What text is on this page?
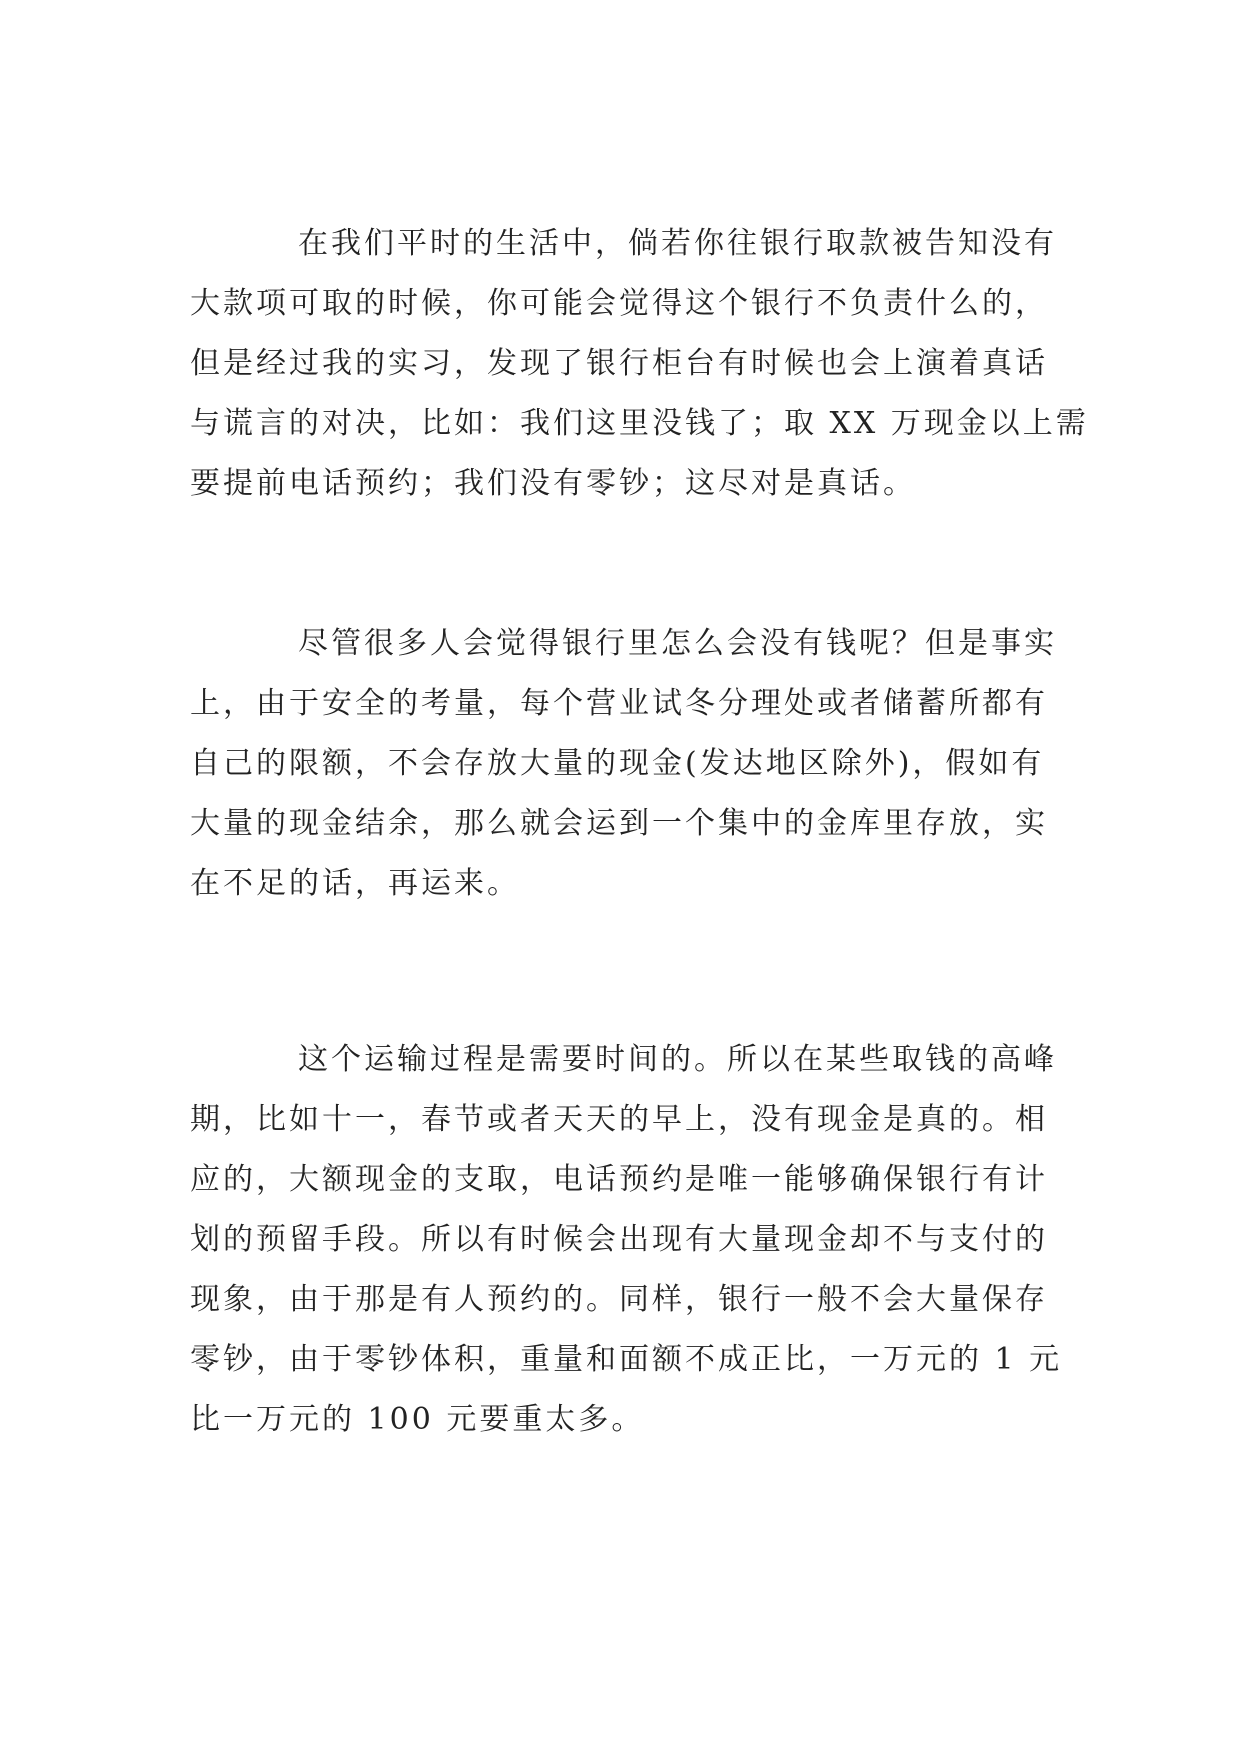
在我们平时的生活中，倘若你往银行取款被告知没有
大款项可取的时候，你可能会觉得这个银行不负责什么的，
但是经过我的实习，发现了银行柜台有时候也会上演着真话
与谎言的对决，比如：我们这里没钱了；取 XX 万现金以上需
要提前电话预约；我们没有零钞；这尽对是真话。

尽管很多人会觉得银行里怎么会没有钱呢？但是事实
上，由于安全的考量，每个营业试冬分理处或者储蓄所都有
自己的限额，不会存放大量的现金(发达地区除外)，假如有
大量的现金结余，那么就会运到一个集中的金库里存放，实
在不足的话，再运来。

这个运输过程是需要时间的。所以在某些取钱的高峰
期，比如十一，春节或者天天的早上，没有现金是真的。相
应的，大额现金的支取，电话预约是唯一能够确保银行有计
划的预留手段。所以有时候会出现有大量现金却不与支付的
现象，由于那是有人预约的。同样，银行一般不会大量保存
零钞，由于零钞体积，重量和面额不成正比，一万元的 1 元
比一万元的 100 元要重太多。
